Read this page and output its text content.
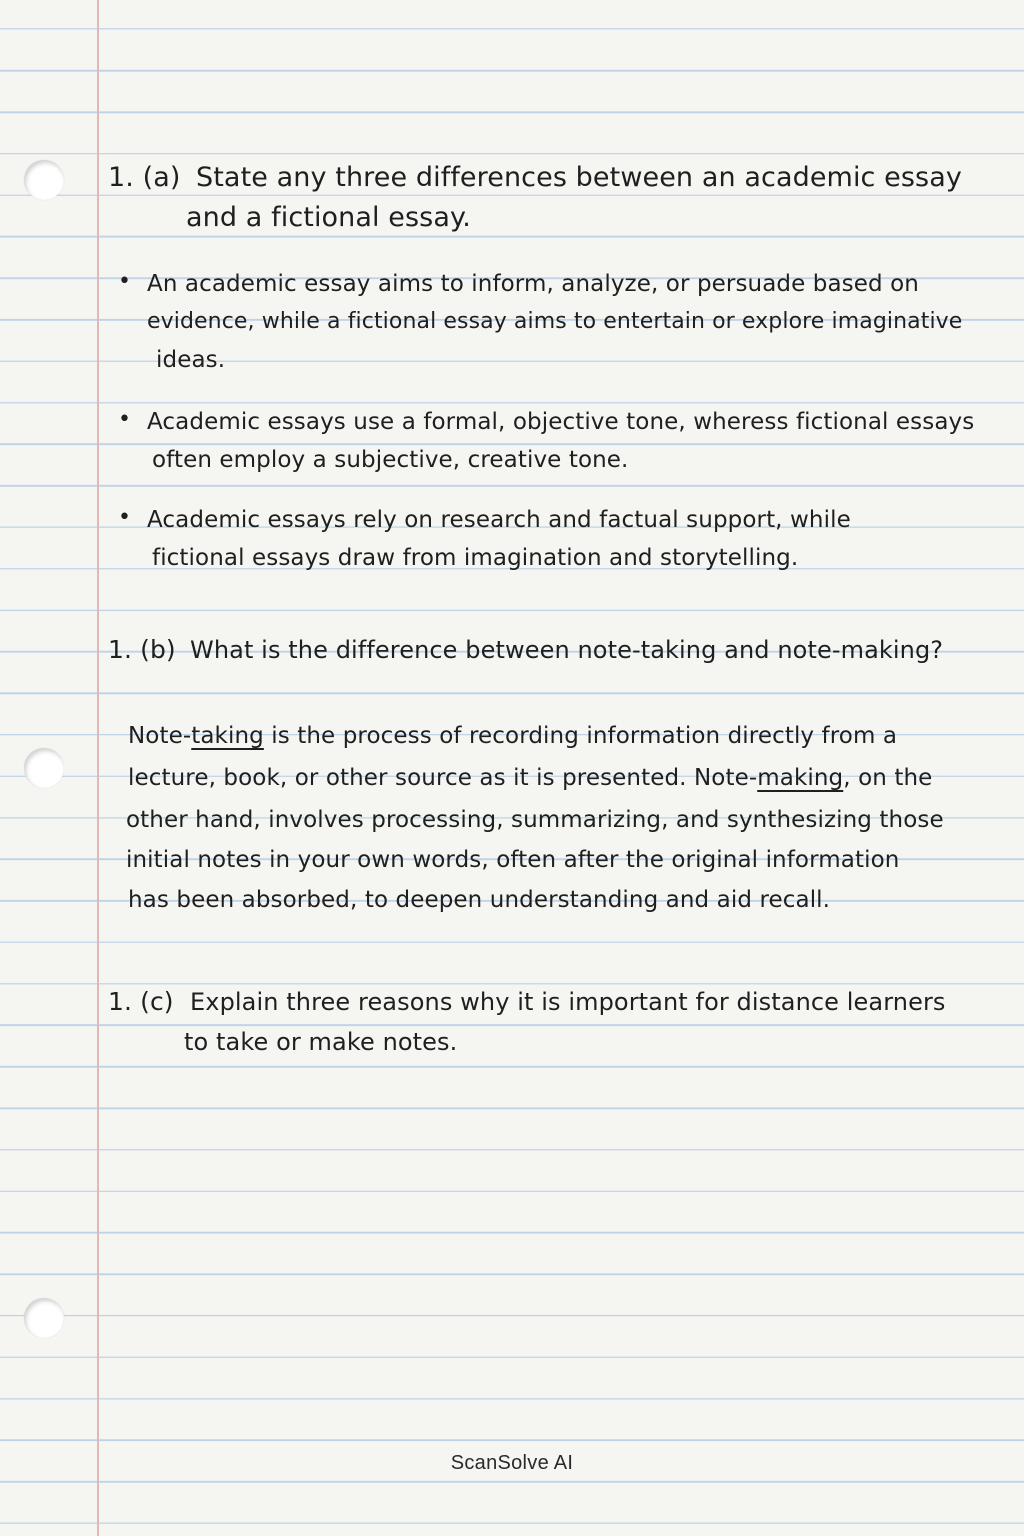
1. (a) State any three differences between an academic essay
and a fictional essay.
• An academic essay aims to inform, analyze, or persuade based on
evidence, while a fictional essay aims to entertain or explore imaginative
ideas.
• Academic essays use a formal, objective tone, wheress fictional essays
often employ a subjective, creative tone.
• Academic essays rely on research and factual support, while
fictional essays draw from imagination and storytelling.
1. (b) What is the difference between note-taking and note-making?
Note-taking is the process of recording information directly from a
lecture, book, or other source as it is presented. Note-making, on the
other hand, involves processing, summarizing, and synthesizing those
initial notes in your own words, often after the original information
has been absorbed, to deepen understanding and aid recall.
1. (c) Explain three reasons why it is important for distance learners
to take or make notes.
ScanSolve AI
